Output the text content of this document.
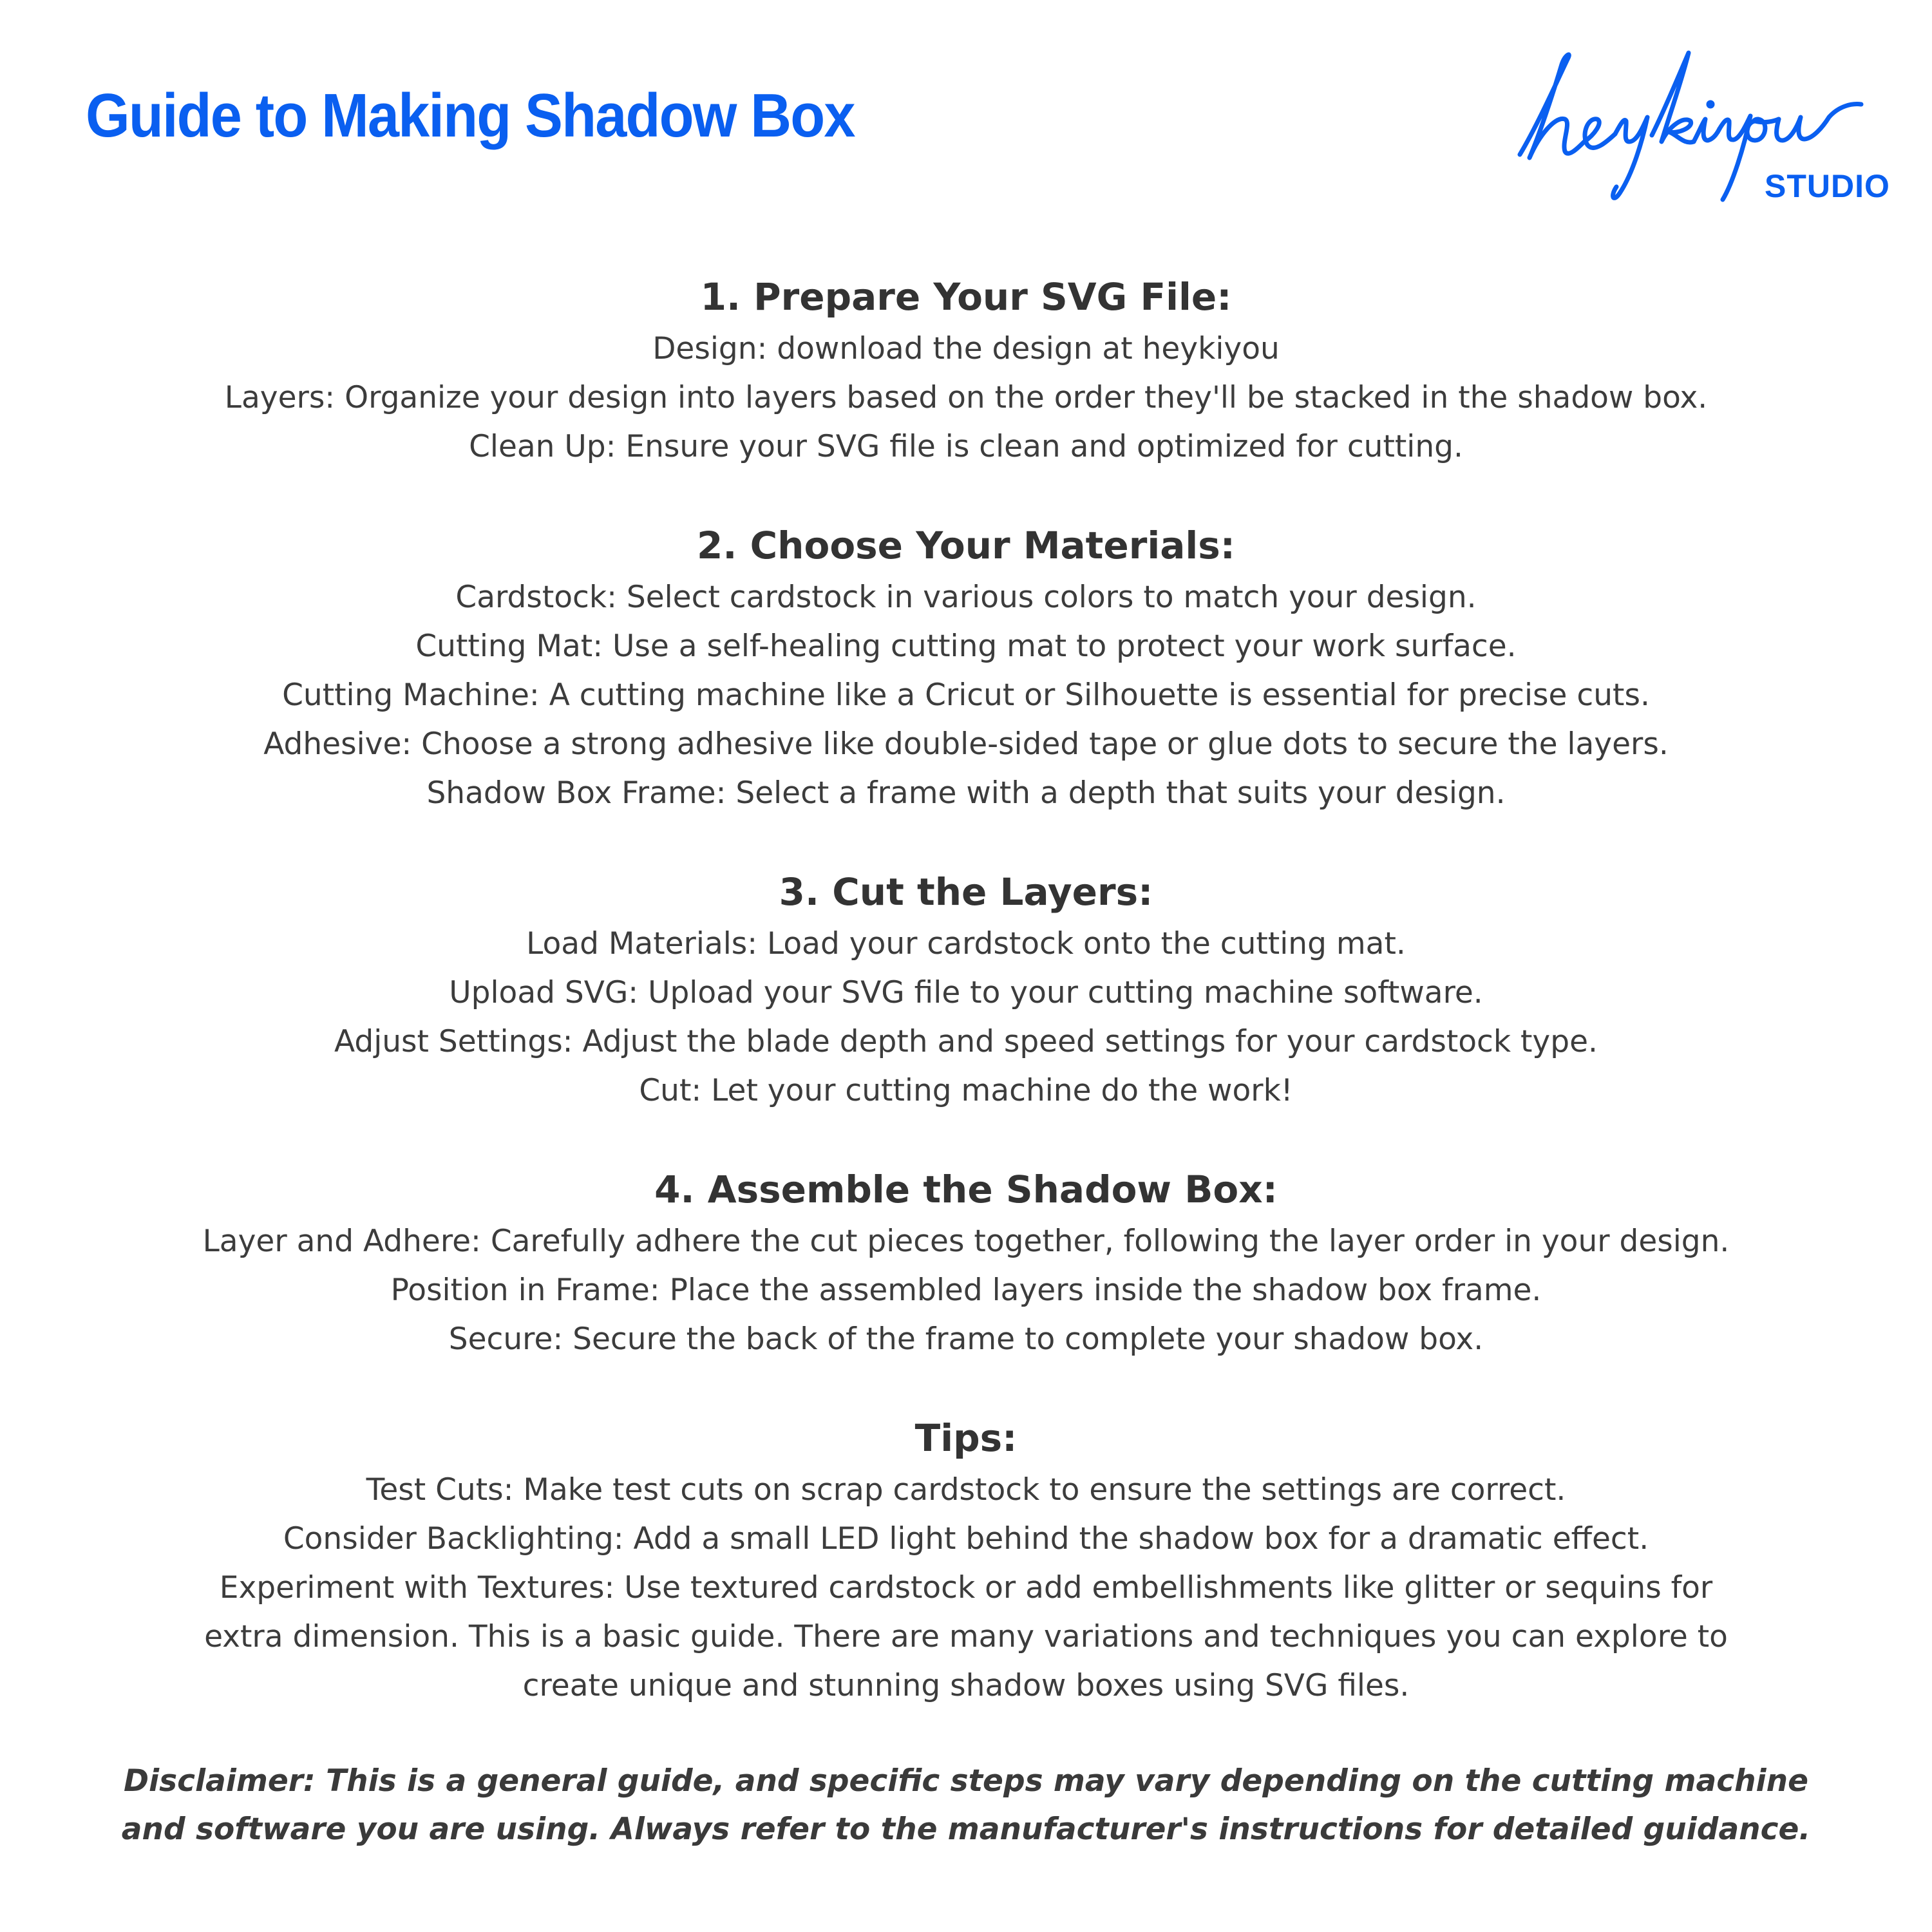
Guide to Making Shadow Box
STUDIO
1. Prepare Your SVG File:

Design: download the design at heykiyou

Layers: Organize your design into layers based on the order they'll be stacked in the shadow box.

Clean Up: Ensure your SVG file is clean and optimized for cutting.

2. Choose Your Materials:

Cardstock: Select cardstock in various colors to match your design.

Cutting Mat: Use a self-healing cutting mat to protect your work surface.

Cutting Machine: A cutting machine like a Cricut or Silhouette is essential for precise cuts.

Adhesive: Choose a strong adhesive like double-sided tape or glue dots to secure the layers.

Shadow Box Frame: Select a frame with a depth that suits your design.

3. Cut the Layers:

Load Materials: Load your cardstock onto the cutting mat.

Upload SVG: Upload your SVG file to your cutting machine software.

Adjust Settings: Adjust the blade depth and speed settings for your cardstock type.

Cut: Let your cutting machine do the work!

4. Assemble the Shadow Box:

Layer and Adhere: Carefully adhere the cut pieces together, following the layer order in your design.

Position in Frame: Place the assembled layers inside the shadow box frame.

Secure: Secure the back of the frame to complete your shadow box.

Tips:

Test Cuts: Make test cuts on scrap cardstock to ensure the settings are correct.

Consider Backlighting: Add a small LED light behind the shadow box for a dramatic effect.

Experiment with Textures: Use textured cardstock or add embellishments like glitter or sequins for

extra dimension. This is a basic guide. There are many variations and techniques you can explore to

create unique and stunning shadow boxes using SVG files.

Disclaimer: This is a general guide, and specific steps may vary depending on the cutting machine

and software you are using. Always refer to the manufacturer's instructions for detailed guidance.
